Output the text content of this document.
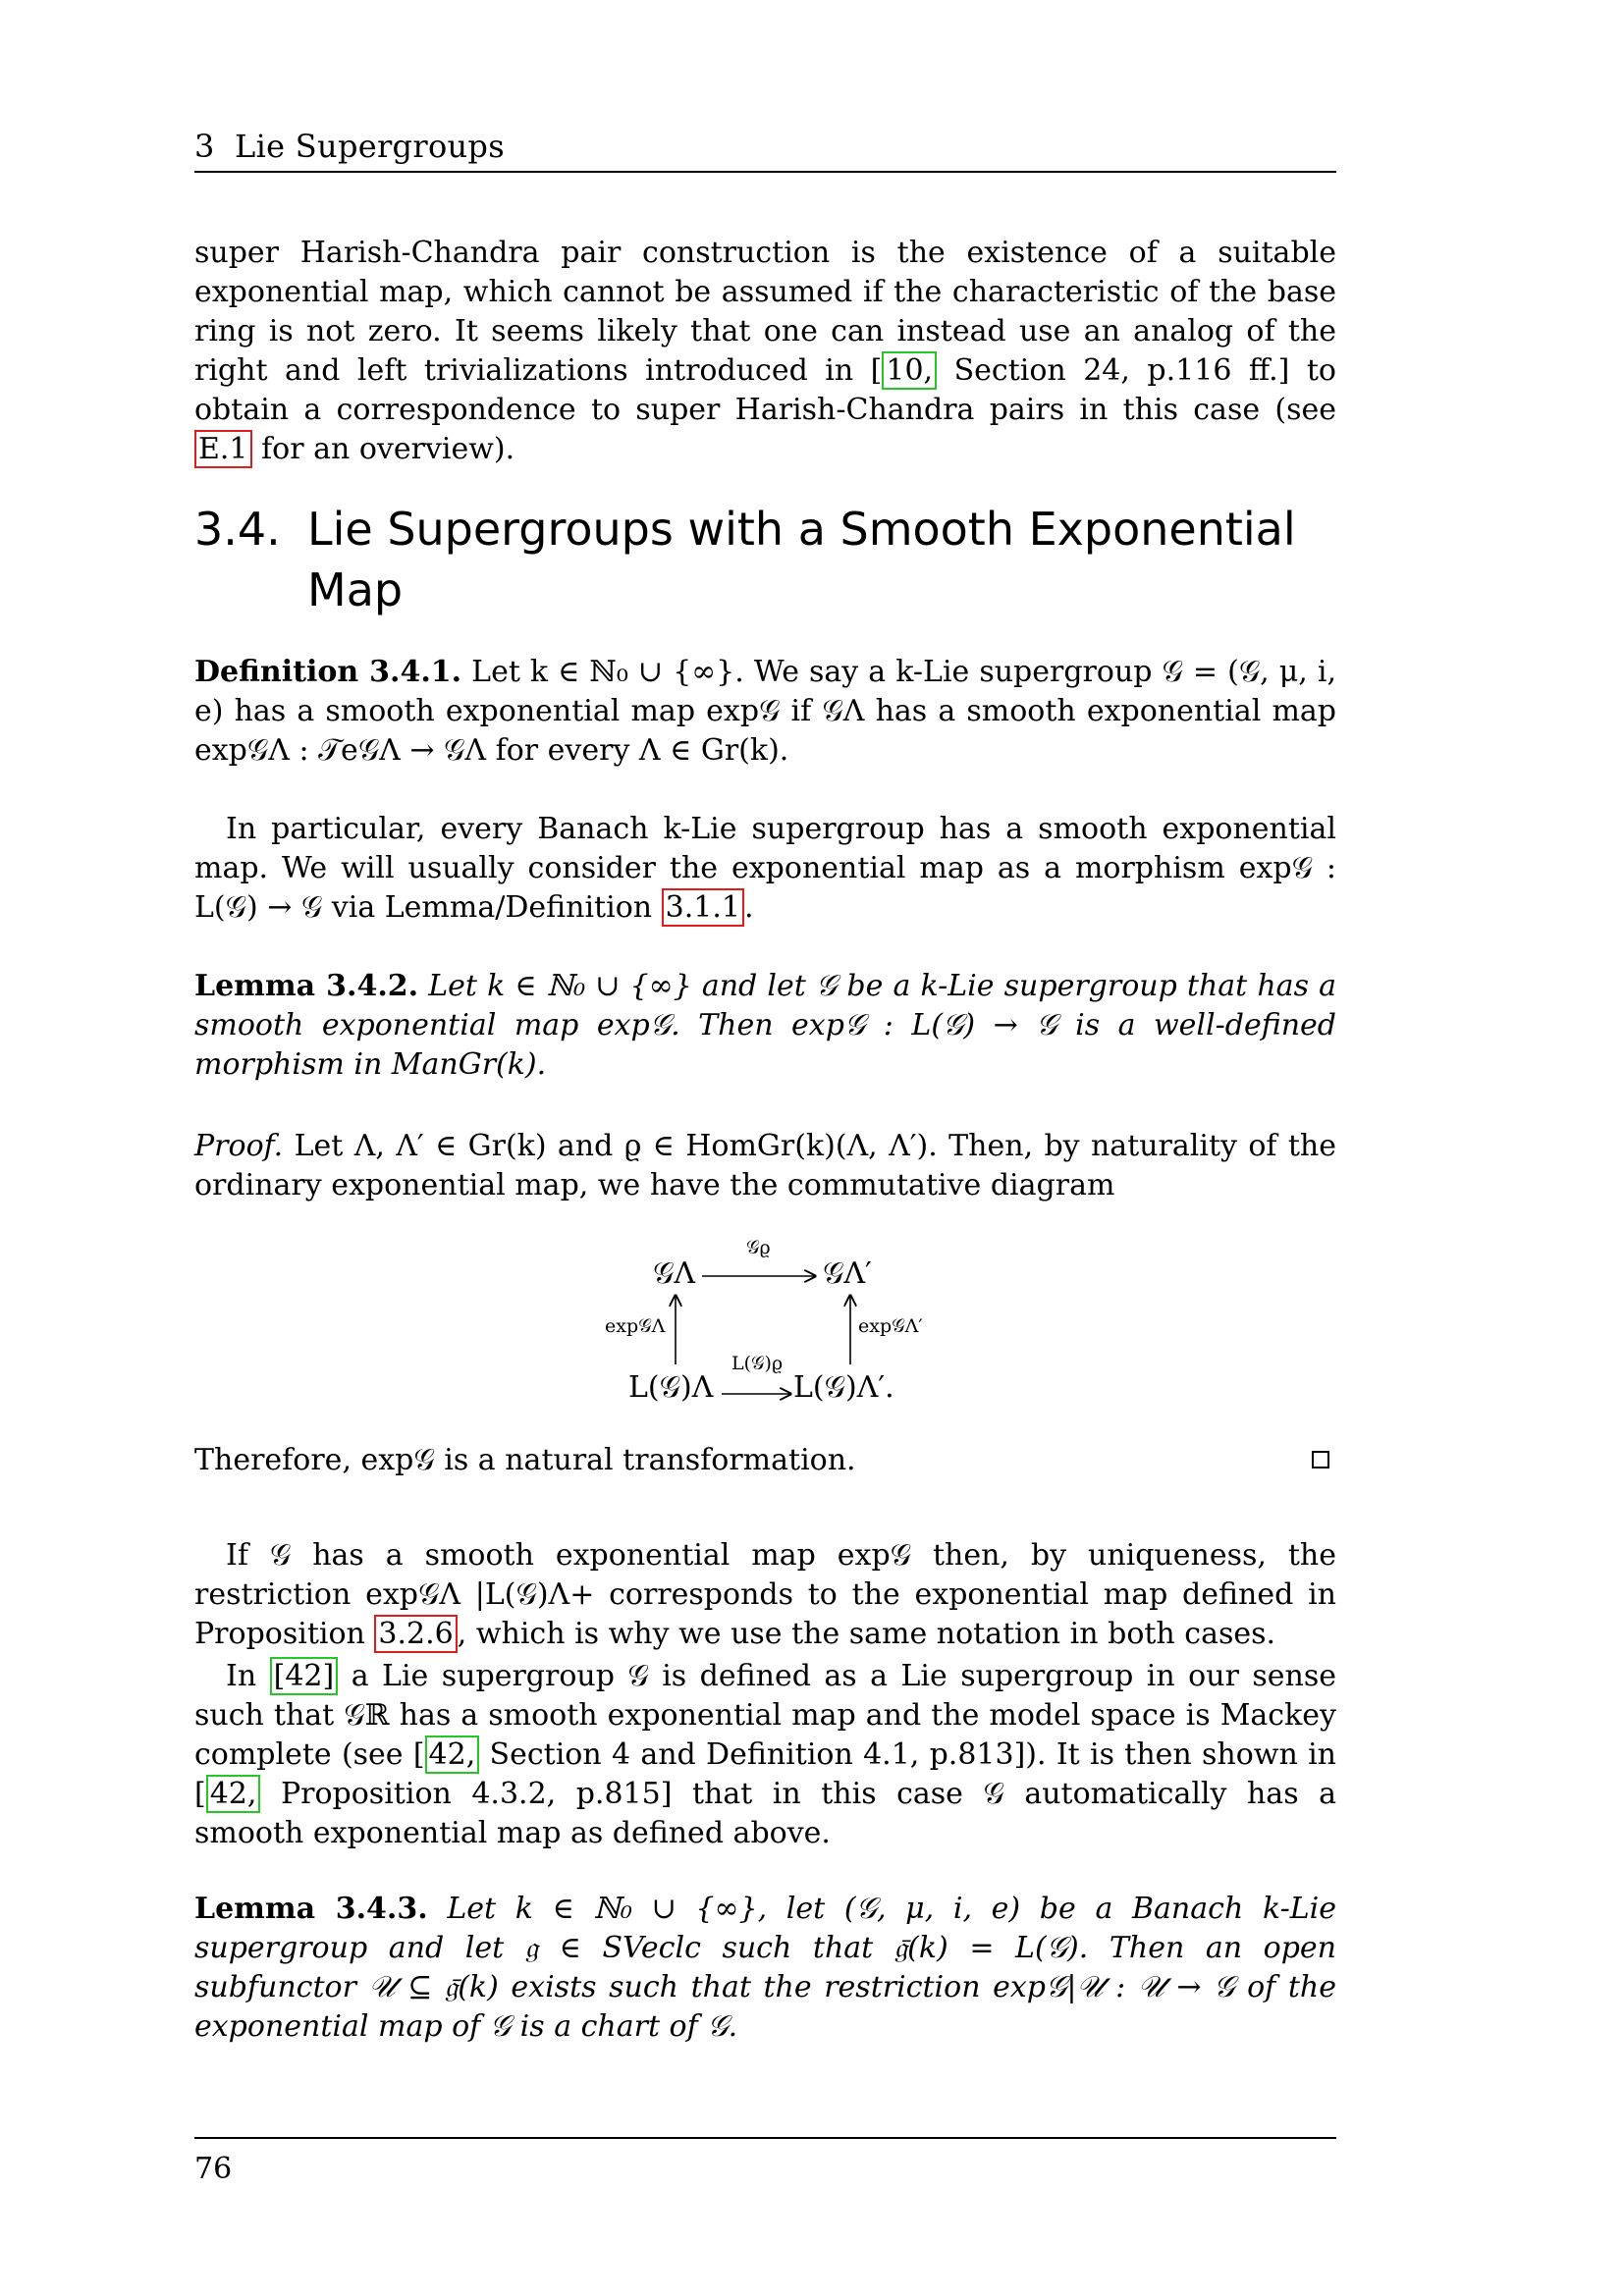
3 Lie Supergroups
super Harish-Chandra pair construction is the existence of a suitable exponential map, which cannot be assumed if the characteristic of the base ring is not zero. It seems likely that one can instead use an analog of the right and left trivializations introduced in [ 10, Section 24, p.116 ff.] to obtain a correspondence to super Harish-Chandra pairs in this case (see E.1 for an overview).
3.4. Lie Supergroups with a Smooth Exponential
Map
Definition 3.4.1. Let k ∈ ℕ₀ ∪ {∞}. We say a k-Lie supergroup 𝒢 = (𝒢, μ, i, e) has a smooth exponential map exp𝒢 if 𝒢Λ has a smooth exponential map exp𝒢Λ : 𝒯e𝒢Λ → 𝒢Λ for every Λ ∈ Gr(k).
In particular, every Banach k-Lie supergroup has a smooth exponential map. We will usually consider the exponential map as a morphism exp𝒢 : L(𝒢) → 𝒢 via Lemma/Definition 3.1.1 .
Lemma 3.4.2. Let k ∈ ℕ₀ ∪ {∞} and let 𝒢 be a k-Lie supergroup that has a smooth exponential map exp𝒢. Then exp𝒢 : L(𝒢) → 𝒢 is a well-defined morphism in ManGr(k).
Proof. Let Λ, Λ′ ∈ Gr(k) and ϱ ∈ HomGr(k)(Λ, Λ′). Then, by naturality of the ordinary exponential map, we have the commutative diagram
𝒢Λ	𝒢Λ′
𝒢ϱ
L(𝒢)Λ	L(𝒢)Λ′.
L(𝒢)ϱ
exp𝒢Λ	exp𝒢Λ′
Therefore, exp𝒢 is a natural transformation.
If 𝒢 has a smooth exponential map exp𝒢 then, by uniqueness, the restriction exp𝒢Λ |L(𝒢)Λ+ corresponds to the exponential map defined in Proposition 3.2.6 , which is why we use the same notation in both cases.
In [42] a Lie supergroup 𝒢 is defined as a Lie supergroup in our sense such that 𝒢ℝ has a smooth exponential map and the model space is Mackey complete (see [ 42, Section 4 and Definition 4.1, p.813]). It is then shown in [ 42, Proposition 4.3.2, p.815] that in this case 𝒢 automatically has a smooth exponential map as defined above.
Lemma 3.4.3. Let k ∈ ℕ₀ ∪ {∞}, let (𝒢, μ, i, e) be a Banach k-Lie supergroup and let 𝔤 ∈ SVeclc such that 𝔤̄(k) = L(𝒢). Then an open subfunctor 𝒰 ⊆ 𝔤̄(k) exists such that the restriction exp𝒢|𝒰 : 𝒰 → 𝒢 of the exponential map of 𝒢 is a chart of 𝒢.
76
